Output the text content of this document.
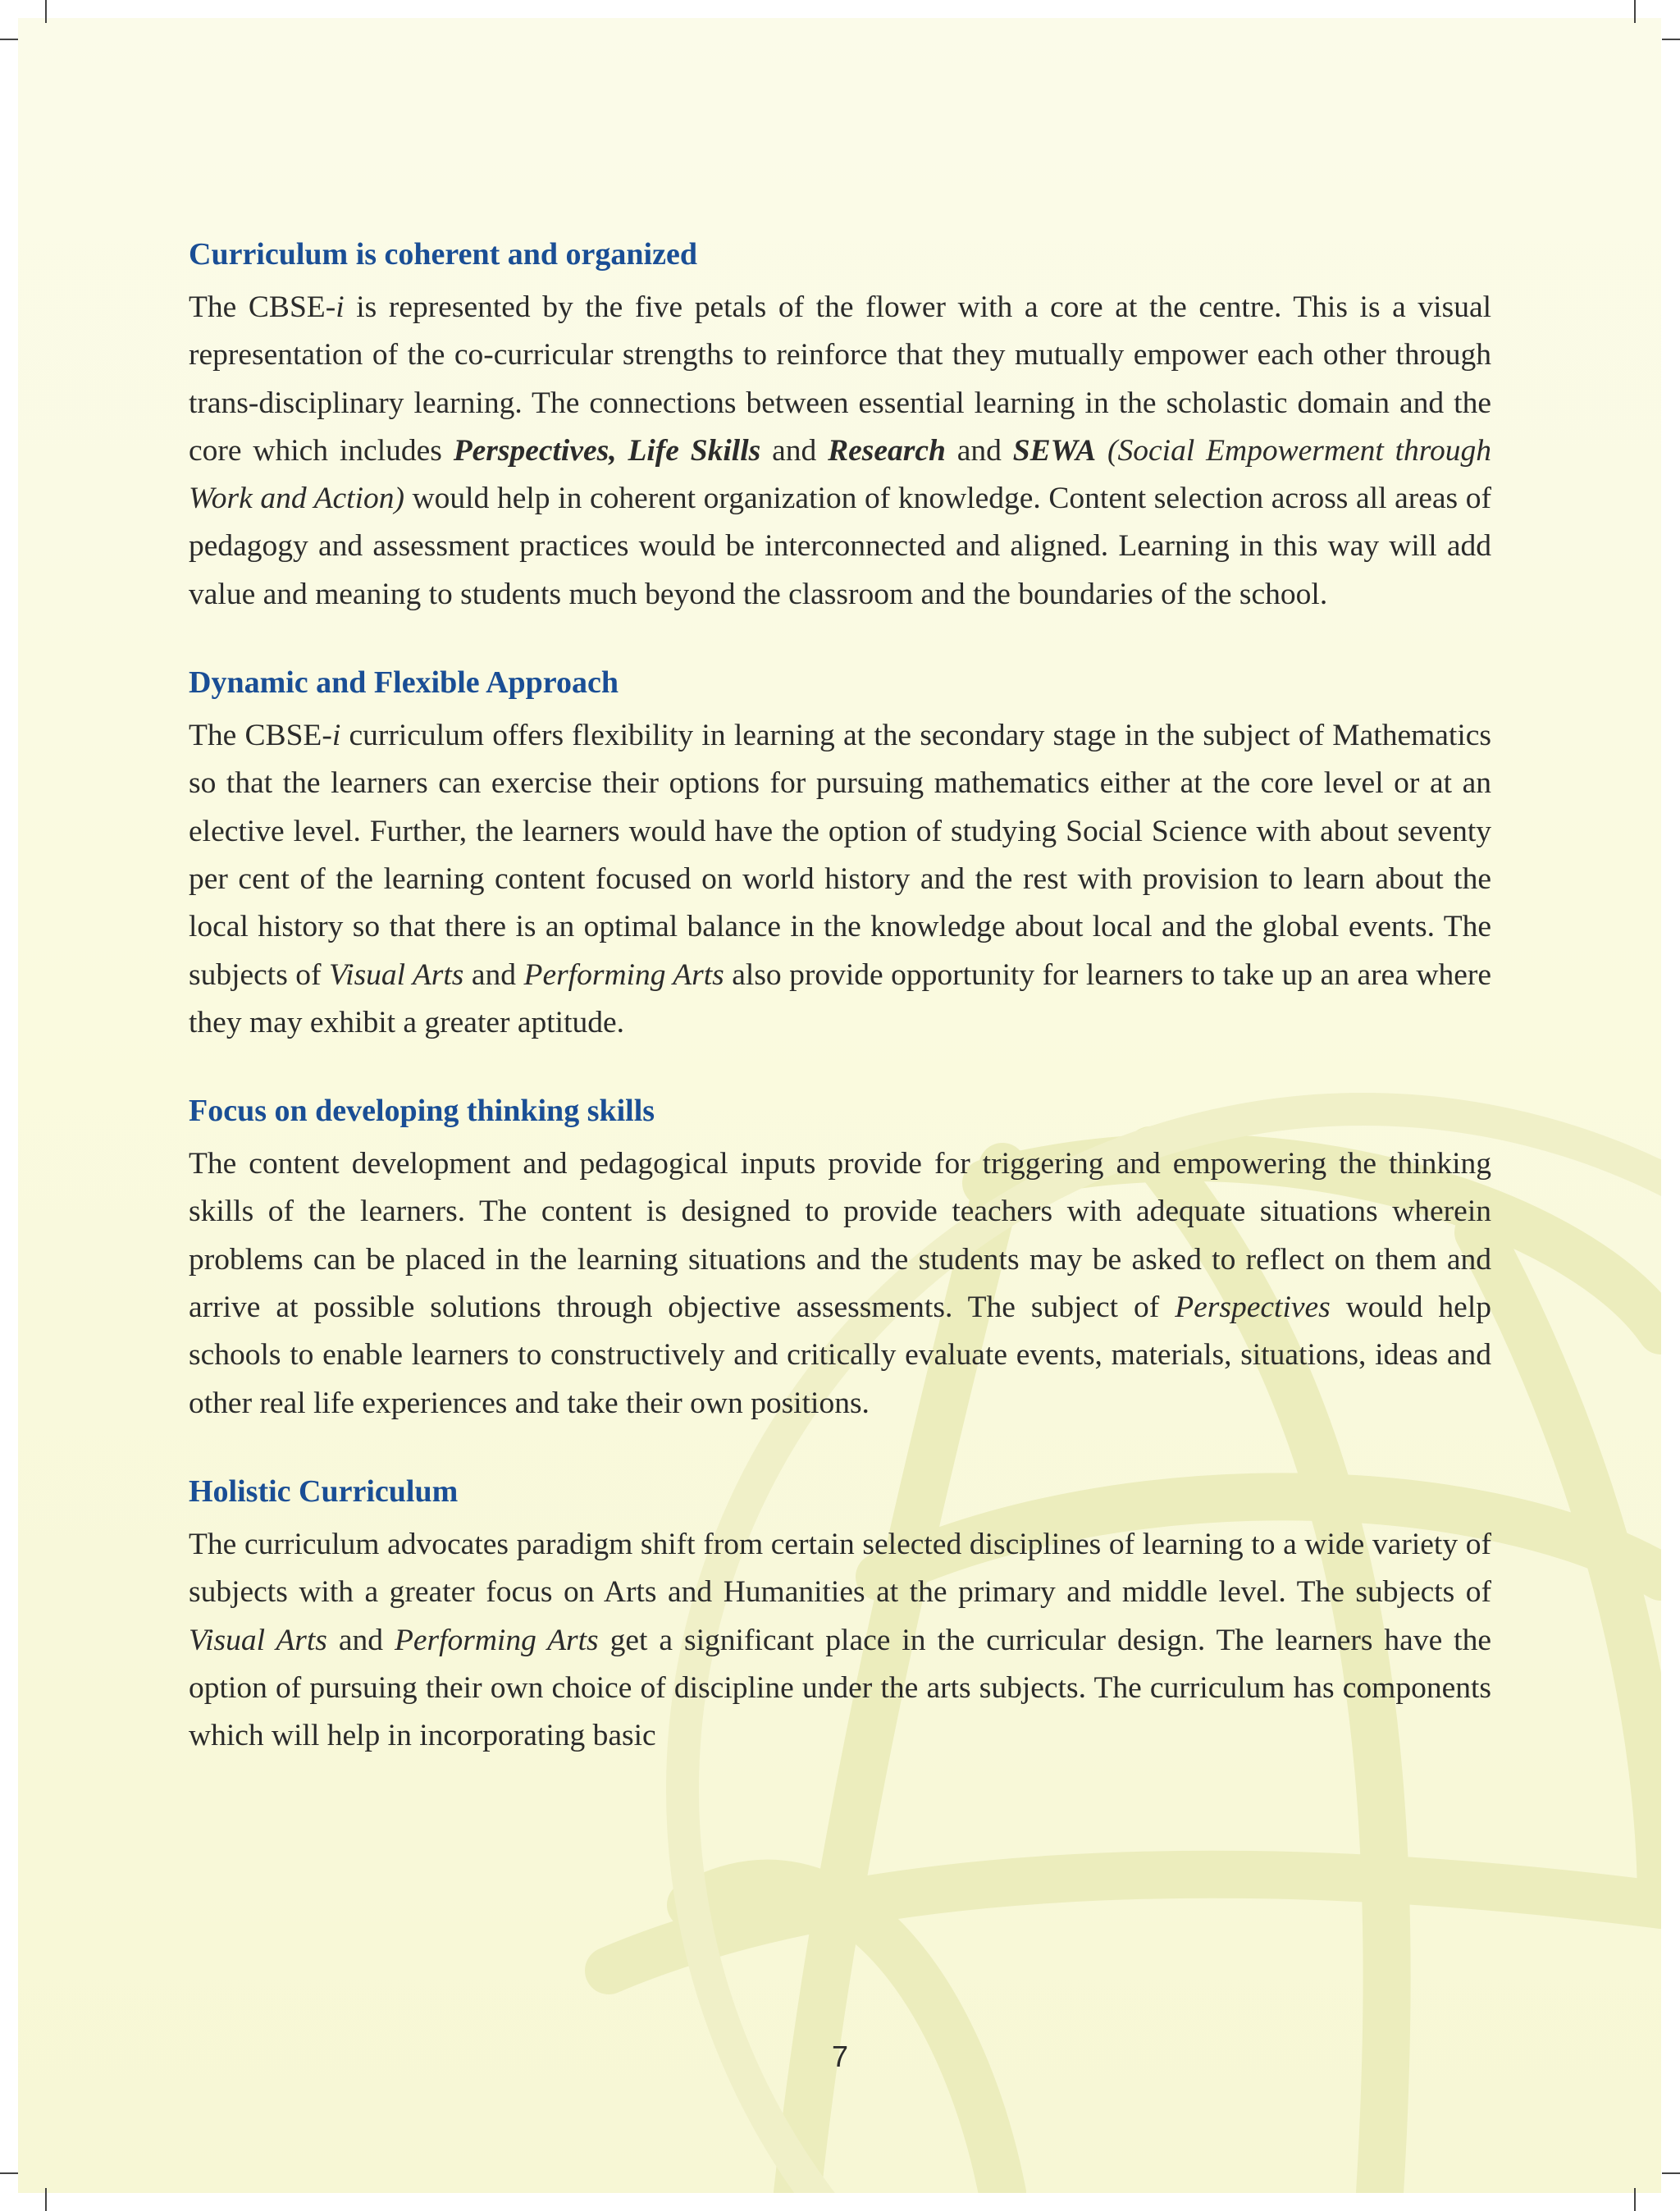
Curriculum is coherent and organized

The CBSE-i is represented by the five petals of the flower with a core at the centre. This is a visual representation of the co-curricular strengths to reinforce that they mutually empower each other through trans-disciplinary learning. The connections between essential learning in the scholastic domain and the core which includes Perspectives, Life Skills and Research and SEWA (Social Empowerment through Work and Action) would help in coherent organization of knowledge. Content selection across all areas of pedagogy and assessment practices would be interconnected and aligned. Learning in this way will add value and meaning to students much beyond the classroom and the boundaries of the school.

Dynamic and Flexible Approach

The CBSE-i curriculum offers flexibility in learning at the secondary stage in the subject of Mathematics so that the learners can exercise their options for pursuing mathematics either at the core level or at an elective level. Further, the learners would have the option of studying Social Science with about seventy per cent of the learning content focused on world history and the rest with provision to learn about the local history so that there is an optimal balance in the knowledge about local and the global events. The subjects of Visual Arts and Performing Arts also provide opportunity for learners to take up an area where they may exhibit a greater aptitude.

Focus on developing thinking skills

The content development and pedagogical inputs provide for triggering and empowering the thinking skills of the learners. The content is designed to provide teachers with adequate situations wherein problems can be placed in the learning situations and the students may be asked to reflect on them and arrive at possible solutions through objective assessments. The subject of Perspectives would help schools to enable learners to constructively and critically evaluate events, materials, situations, ideas and other real life experiences and take their own positions.

Holistic Curriculum

The curriculum advocates paradigm shift from certain selected disciplines of learning to a wide variety of subjects with a greater focus on Arts and Humanities at the primary and middle level. The subjects of Visual Arts and Performing Arts get a significant place in the curricular design. The learners have the option of pursuing their own choice of discipline under the arts subjects. The curriculum has components which will help in incorporating basic

7
